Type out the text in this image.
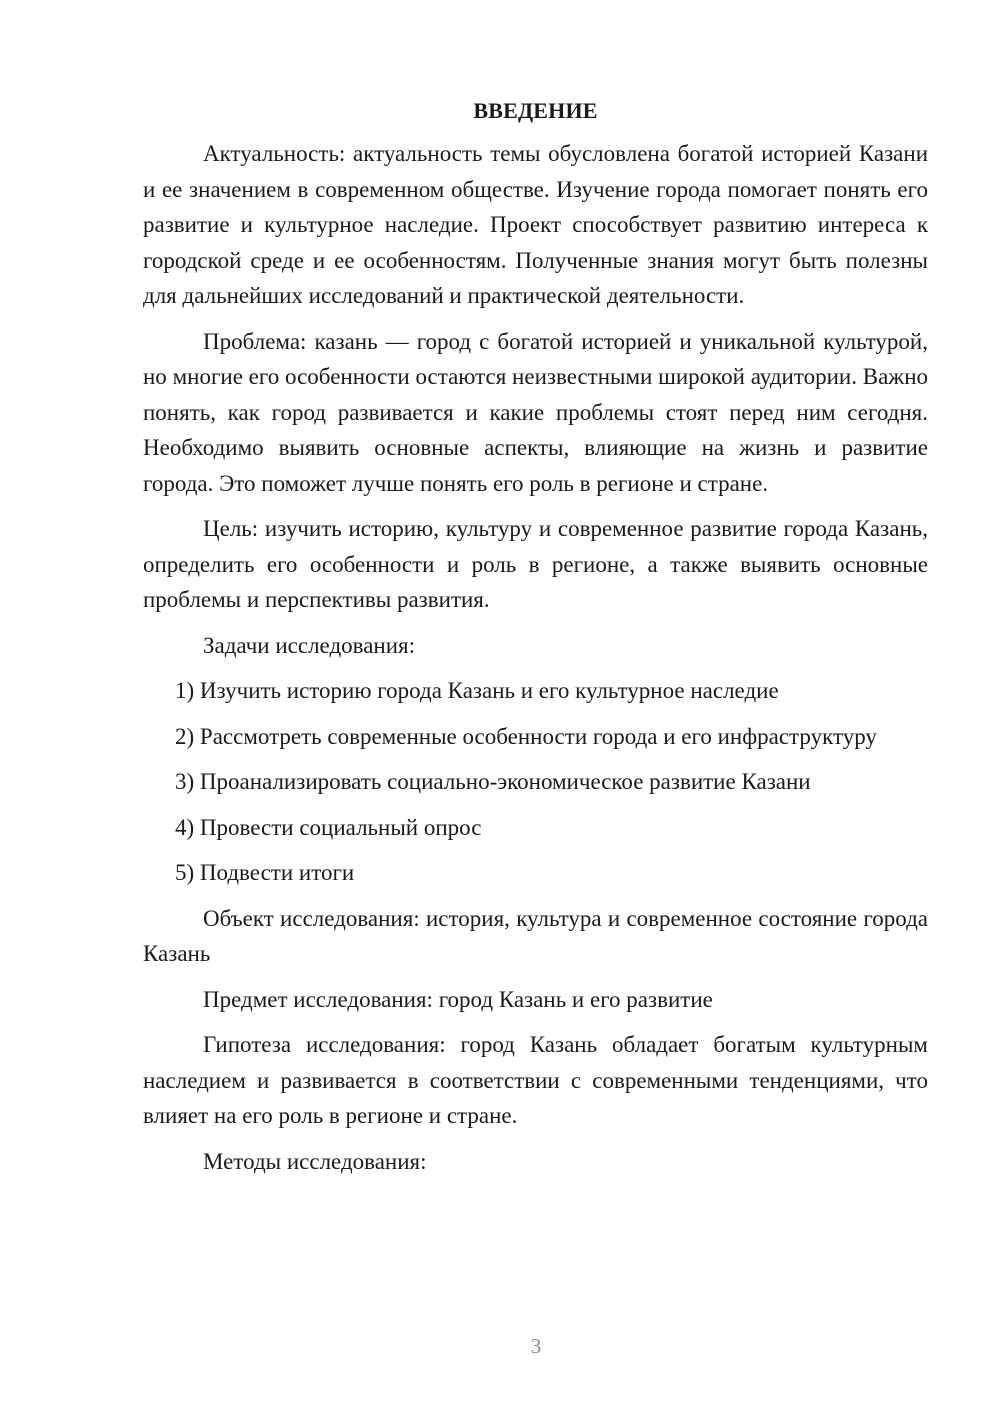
ВВЕДЕНИЕ

Актуальность: актуальность темы обусловлена богатой историей Казани и ее значением в современном обществе. Изучение города помогает понять его развитие и культурное наследие. Проект способствует развитию интереса к городской среде и ее особенностям. Полученные знания могут быть полезны для дальнейших исследований и практической деятельности.

Проблема: казань — город с богатой историей и уникальной культурой, но многие его особенности остаются неизвестными широкой аудитории. Важно понять, как город развивается и какие проблемы стоят перед ним сегодня. Необходимо выявить основные аспекты, влияющие на жизнь и развитие города. Это поможет лучше понять его роль в регионе и стране.

Цель: изучить историю, культуру и современное развитие города Казань, определить его особенности и роль в регионе, а также выявить основные проблемы и перспективы развития.

Задачи исследования:

1) Изучить историю города Казань и его культурное наследие

2) Рассмотреть современные особенности города и его инфраструктуру

3) Проанализировать социально-экономическое развитие Казани

4) Провести социальный опрос

5) Подвести итоги

Объект исследования: история, культура и современное состояние города Казань

Предмет исследования: город Казань и его развитие

Гипотеза исследования: город Казань обладает богатым культурным наследием и развивается в соответствии с современными тенденциями, что влияет на его роль в регионе и стране.

Методы исследования:

3
